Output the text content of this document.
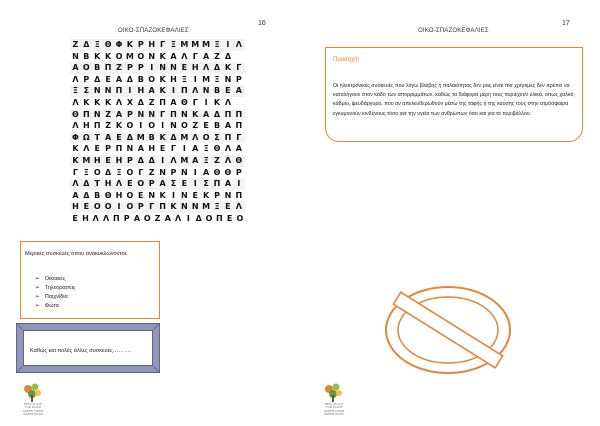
16
ΟΙΚΟ-ΣΠΑΖΟΚΕΦΑΛΙΕΣ
Ζ Δ Ξ Θ Φ Κ Ρ Η Γ Ξ Μ Μ Μ Ξ Ι Λ
Ν Β Κ Κ Ο Μ Ο Ν Κ Α Λ Γ Α Ζ Δ
Α Ο Β Π Ζ Ρ Ρ Ι Ν Ν Ε Η Λ Δ Κ Γ
Λ Ρ Δ Ε Α Δ Β Ο Κ Η Ξ Ι Μ Ξ Ν Ρ
Ξ Σ Ν Ν Π Ι Η Α Κ Ι Π Λ Ν Β Ε Α
Λ Κ Κ Κ Λ Χ Δ Ζ Π Α Θ Γ Ι Κ Λ
Θ Π Ν Ζ Α Ρ Ν Ν Γ Π Ν Κ Α Δ Π Π
Λ Η Π Ζ Κ Ο Ι Ο Ι Ν Ο Ζ Ε Β Α Π
Φ Ω Τ Α Ε Δ Μ Β Κ Δ Μ Λ Ο Σ Π Γ
Κ Λ Ε Ρ Π Ν Α Η Ε Γ Ι Α Ξ Θ Λ Α
Κ Μ Η Ε Η Ρ Δ Δ Ι Λ Μ Α Ξ Ζ Λ Θ
Γ Ξ Ο Δ Ξ Ο Γ Ζ Ν Ρ Ν Ι Α Θ Θ Ρ
Λ Δ Τ Η Λ Ε Ο Ρ Α Σ Ε Ι Σ Π Α Ι
Α Δ Β Θ Η Ο Ε Ν Κ Ι Ν Ε Κ Ρ Ν Π
Η Ε Ο Ο Ι Ο Ρ Γ Π Κ Ν Ν Μ Ξ Ε Λ
Ε Η Λ Λ Π Ρ Α Ο Ζ Α Λ Ι Δ Ο Π Ε Ο
Μερικές συσκευές όπου ανακυκλώνονται.
➢ Οικιακές
➢ Τηλεοράσεις
➢ Παιχνίδια
➢ Φώτα
Καθώς και πολές άλλες συσκευές……….
BEST PLACE
FOR PLACE
GREEN TOWN
GREEN BOOK
17
ΟΙΚΟ-ΣΠΑΖΟΚΕΦΑΛΙΕΣ
Προσοχή!
Οι ηλεκτρονικές συσκευές που λόγω βλάβης ή παλαιότητας δεν μας είναι πια χρήσιμες δεν πρέπει να καταλήγουν στον κάδο των απορριμμάτων, καθώς τα διάφορα μέρη τους περιέχουν υλικά, όπως χαλκό, κάδμιο, ψευδάργυρο, που αν απελευθερωθούν μέσω της ταφής ή της καύσης τους στην ατμόσφαιρα εγκυμονούν κινδύνους τόσο για την υγεία των ανθρώπων όσο και για το περιβάλλον.
BEST PLACE
FOR PLACE
GREEN TOWN
GREEN BOOK
